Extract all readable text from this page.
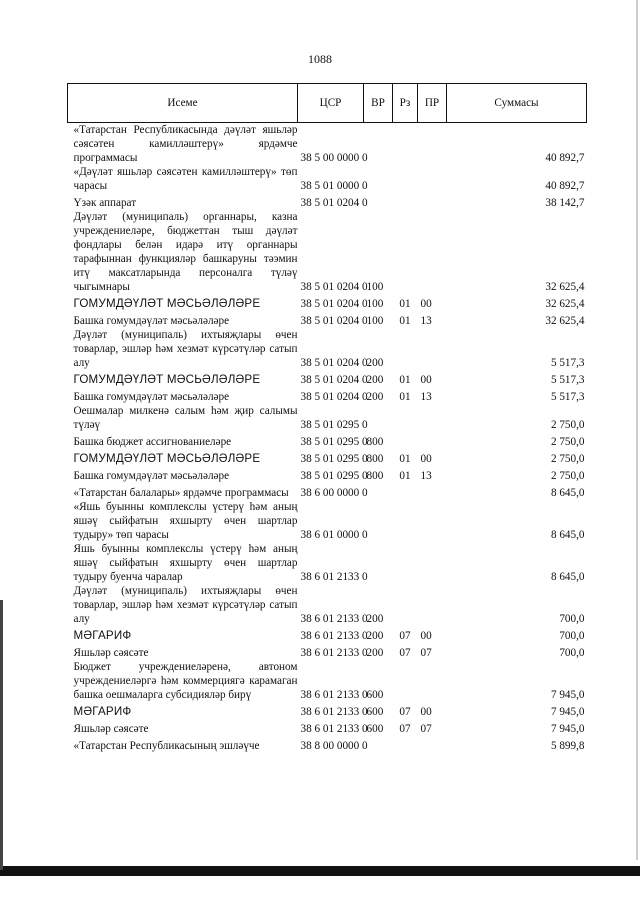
1088
Исеме	ЦСР	ВР	Рз	ПР	Суммасы
«Татарстан Республикасында дәүләт яшьләр сәясәтен камилләштерү» ярдәмче программасы	38 5 00 0000 0				40 892,7
«Дәүләт яшьләр сәясәтен камилләштерү» төп чарасы	38 5 01 0000 0				40 892,7
Үзәк аппарат	38 5 01 0204 0				38 142,7
Дәүләт (муниципаль) органнары, казна учреждениеләре, бюджеттан тыш дәүләт фондлары белән идарә итү органнары тарафыннан функцияләр башкаруны тәэмин итү максатларында персоналга түләү чыгымнары	38 5 01 0204 0	100			32 625,4
ГОМУМДӘҮЛӘТ МӘСЬӘЛӘЛӘРЕ	38 5 01 0204 0	100	01	00	32 625,4
Башка гомумдәүләт мәсьәләләре	38 5 01 0204 0	100	01	13	32 625,4
Дәүләт (муниципаль) ихтыяҗлары өчен товарлар, эшләр һәм хезмәт күрсәтүләр сатып алу	38 5 01 0204 0	200			5 517,3
ГОМУМДӘҮЛӘТ МӘСЬӘЛӘЛӘРЕ	38 5 01 0204 0	200	01	00	5 517,3
Башка гомумдәүләт мәсьәләләре	38 5 01 0204 0	200	01	13	5 517,3
Оешмалар милкенә салым һәм җир салымы түләү	38 5 01 0295 0				2 750,0
Башка бюджет ассигнованиеләре	38 5 01 0295 0	800			2 750,0
ГОМУМДӘҮЛӘТ МӘСЬӘЛӘЛӘРЕ	38 5 01 0295 0	800	01	00	2 750,0
Башка гомумдәүләт мәсьәләләре	38 5 01 0295 0	800	01	13	2 750,0
«Татарстан балалары» ярдәмче программасы	38 6 00 0000 0				8 645,0
«Яшь буынны комплекслы үстерү һәм аның яшәү сыйфатын яхшырту өчен шартлар тудыру» төп чарасы	38 6 01 0000 0				8 645,0
Яшь буынны комплекслы үстерү һәм аның яшәү сыйфатын яхшырту өчен шартлар тудыру буенча чаралар	38 6 01 2133 0				8 645,0
Дәүләт (муниципаль) ихтыяҗлары өчен товарлар, эшләр һәм хезмәт күрсәтүләр сатып алу	38 6 01 2133 0	200			700,0
МӘГАРИФ	38 6 01 2133 0	200	07	00	700,0
Яшьләр сәясәте	38 6 01 2133 0	200	07	07	700,0
Бюджет учреждениеләренә, автоном учреждениеләргә һәм коммерциягә карамаган башка оешмаларга субсидияләр бирү	38 6 01 2133 0	600			7 945,0
МӘГАРИФ	38 6 01 2133 0	600	07	00	7 945,0
Яшьләр сәясәте	38 6 01 2133 0	600	07	07	7 945,0
«Татарстан Республикасының эшләүче	38 8 00 0000 0				5 899,8
